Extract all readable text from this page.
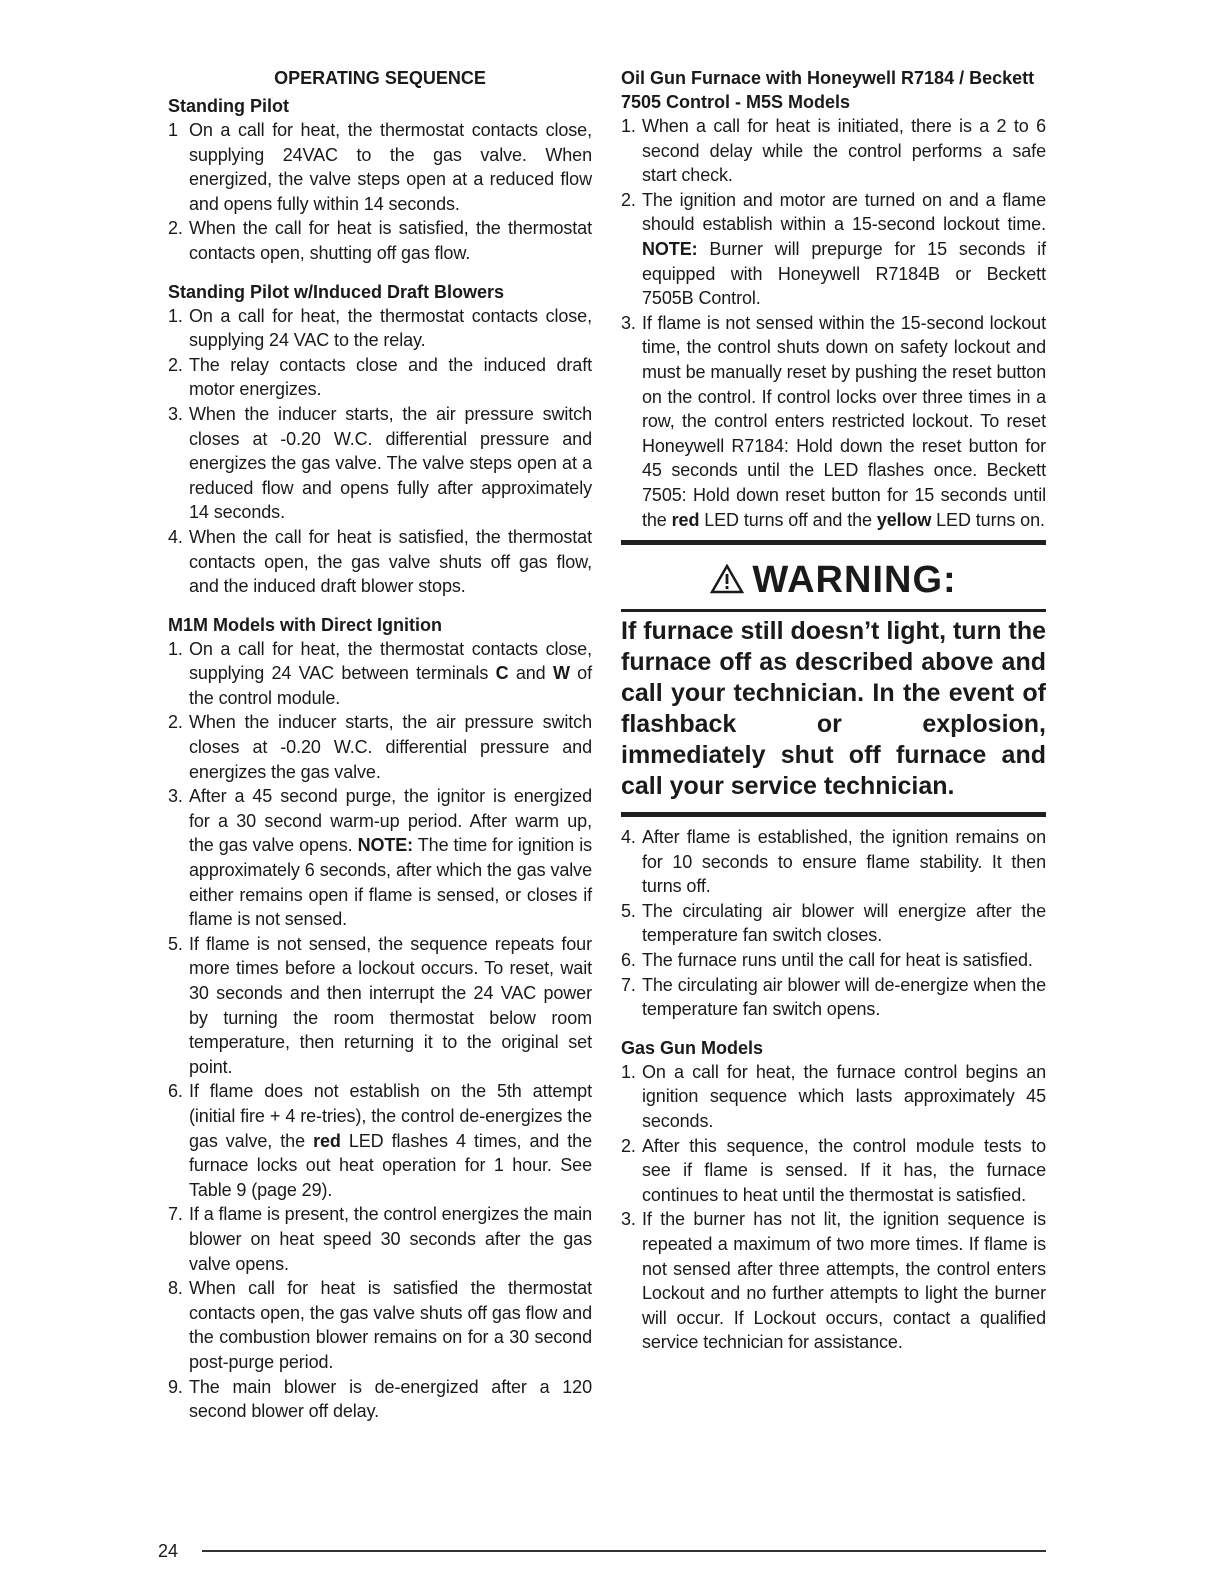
OPERATING SEQUENCE
Standing Pilot
1 On a call for heat, the thermostat contacts close, supplying 24VAC to the gas valve. When energized, the valve steps open at a reduced flow and opens fully within 14 seconds.
2. When the call for heat is satisfied, the thermostat contacts open, shutting off gas flow.
Standing Pilot w/Induced Draft Blowers
1. On a call for heat, the thermostat contacts close, supplying 24 VAC to the relay.
2. The relay contacts close and the induced draft motor energizes.
3. When the inducer starts, the air pressure switch closes at -0.20 W.C. differential pressure and energizes the gas valve. The valve steps open at a reduced flow and opens fully after approximately 14 seconds.
4. When the call for heat is satisfied, the thermostat contacts open, the gas valve shuts off gas flow, and the induced draft blower stops.
M1M Models with Direct Ignition
1. On a call for heat, the thermostat contacts close, supplying 24 VAC between terminals C and W of the control module.
2. When the inducer starts, the air pressure switch closes at -0.20 W.C. differential pressure and energizes the gas valve.
3. After a 45 second purge, the ignitor is energized for a 30 second warm-up period. After warm up, the gas valve opens. NOTE: The time for ignition is approximately 6 seconds, after which the gas valve either remains open if flame is sensed, or closes if flame is not sensed.
5. If flame is not sensed, the sequence repeats four more times before a lockout occurs. To reset, wait 30 seconds and then interrupt the 24 VAC power by turning the room thermostat below room temperature, then returning it to the original set point.
6. If flame does not establish on the 5th attempt (initial fire + 4 re-tries), the control de-energizes the gas valve, the red LED flashes 4 times, and the furnace locks out heat operation for 1 hour. See Table 9 (page 29).
7. If a flame is present, the control energizes the main blower on heat speed 30 seconds after the gas valve opens.
8. When call for heat is satisfied the thermostat contacts open, the gas valve shuts off gas flow and the combustion blower remains on for a 30 second post-purge period.
9. The main blower is de-energized after a 120 second blower off delay.
Oil Gun Furnace with Honeywell R7184 / Beckett 7505 Control - M5S Models
1. When a call for heat is initiated, there is a 2 to 6 second delay while the control performs a safe start check.
2. The ignition and motor are turned on and a flame should establish within a 15-second lockout time. NOTE: Burner will prepurge for 15 seconds if equipped with Honeywell R7184B or Beckett 7505B Control.
3. If flame is not sensed within the 15-second lockout time, the control shuts down on safety lockout and must be manually reset by pushing the reset button on the control. If control locks over three times in a row, the control enters restricted lockout. To reset Honeywell R7184: Hold down the reset button for 45 seconds until the LED flashes once. Beckett 7505: Hold down reset button for 15 seconds until the red LED turns off and the yellow LED turns on.
WARNING:
If furnace still doesn’t light, turn the furnace off as described above and call your technician. In the event of flashback or explosion, immediately shut off furnace and call your service technician.
4. After flame is established, the ignition remains on for 10 seconds to ensure flame stability. It then turns off.
5. The circulating air blower will energize after the temperature fan switch closes.
6. The furnace runs until the call for heat is satisfied.
7. The circulating air blower will de-energize when the temperature fan switch opens.
Gas Gun Models
1. On a call for heat, the furnace control begins an ignition sequence which lasts approximately 45 seconds.
2. After this sequence, the control module tests to see if flame is sensed. If it has, the furnace continues to heat until the thermostat is satisfied.
3. If the burner has not lit, the ignition sequence is repeated a maximum of two more times. If flame is not sensed after three attempts, the control enters Lockout and no further attempts to light the burner will occur. If Lockout occurs, contact a qualified service technician for assistance.
24
